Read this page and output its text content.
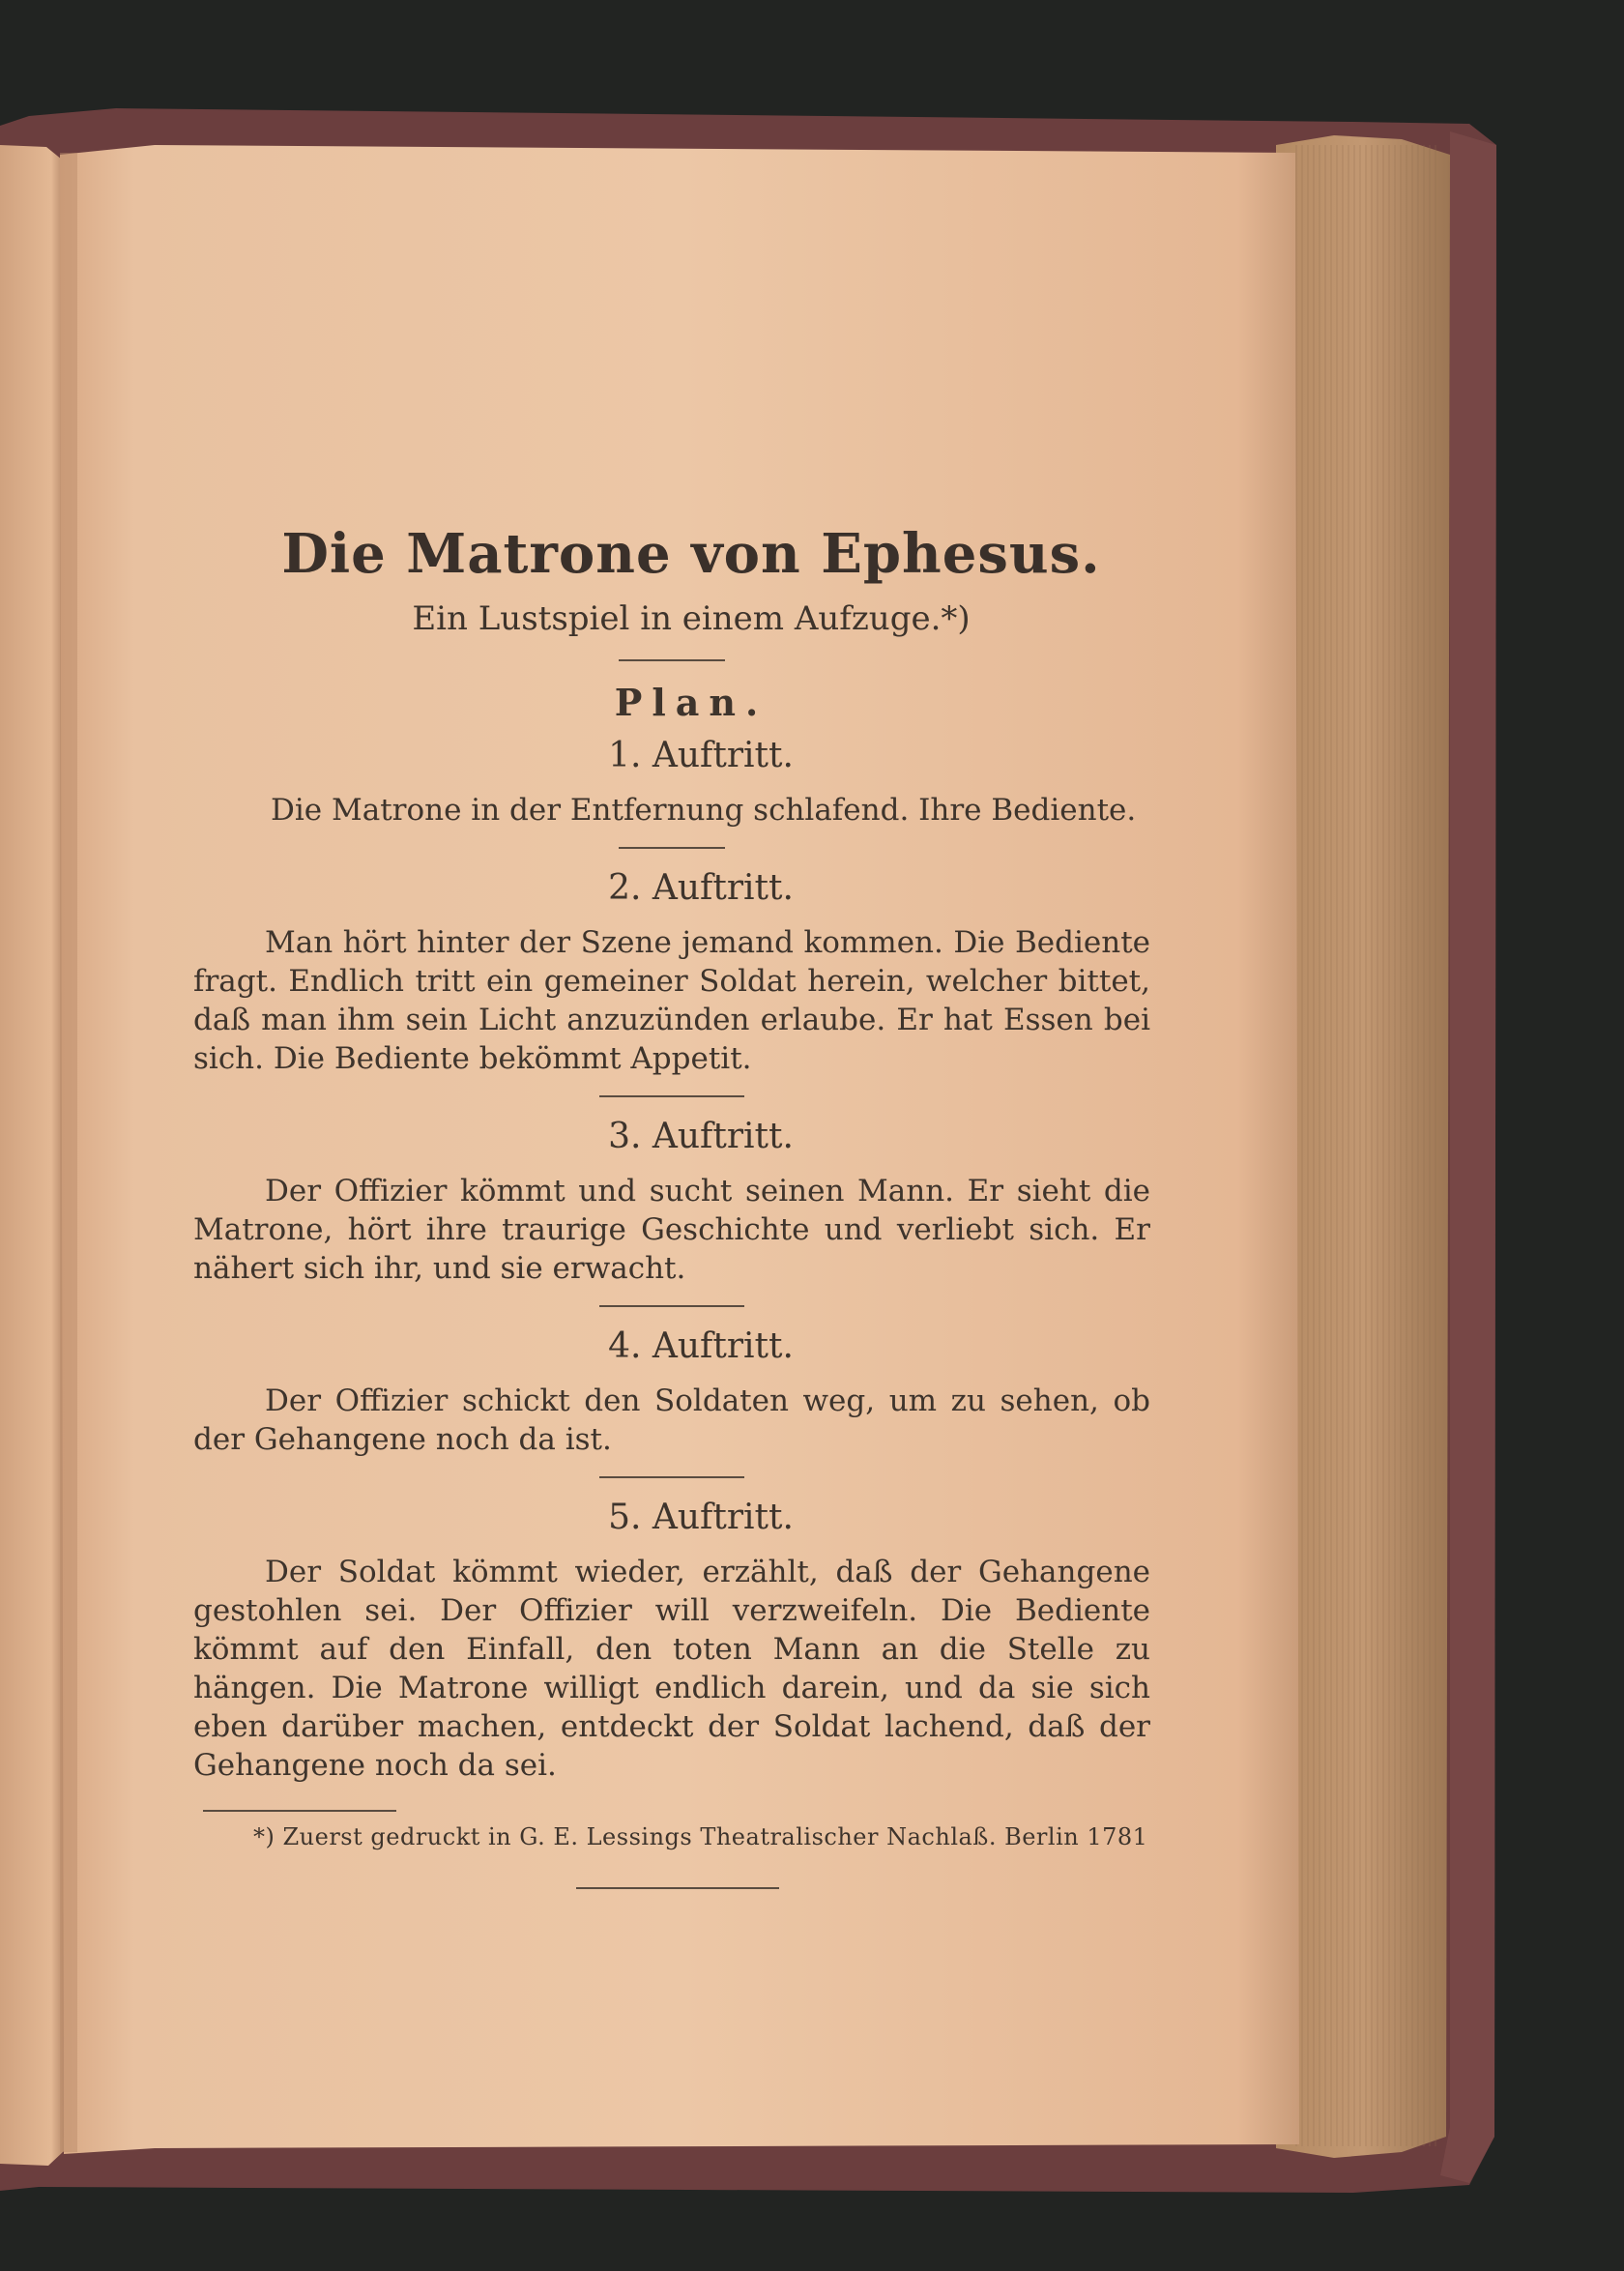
Die Matrone von Ephesus.
Ein Lustspiel in einem Aufzuge.*)
Plan.
1. Auftritt.

Die Matrone in der Entfernung schlafend. Ihre Bediente.

2. Auftritt.

Man hört hinter der Szene jemand kommen. Die Bediente fragt. Endlich tritt ein gemeiner Soldat herein, welcher bittet, daß man ihm sein Licht anzuzünden erlaube. Er hat Essen bei sich. Die Bediente bekömmt Appetit.

3. Auftritt.

Der Offizier kömmt und sucht seinen Mann. Er sieht die Matrone, hört ihre traurige Geschichte und verliebt sich. Er nähert sich ihr, und sie erwacht.

4. Auftritt.

Der Offizier schickt den Soldaten weg, um zu sehen, ob der Gehangene noch da ist.

5. Auftritt.

Der Soldat kömmt wieder, erzählt, daß der Gehangene gestohlen sei. Der Offizier will verzweifeln. Die Bediente kömmt auf den Einfall, den toten Mann an die Stelle zu hängen. Die Matrone willigt endlich darein, und da sie sich eben darüber machen, entdeckt der Soldat lachend, daß der Gehangene noch da sei.

*) Zuerst gedruckt in G. E. Lessings Theatralischer Nachlaß. Berlin 1781
